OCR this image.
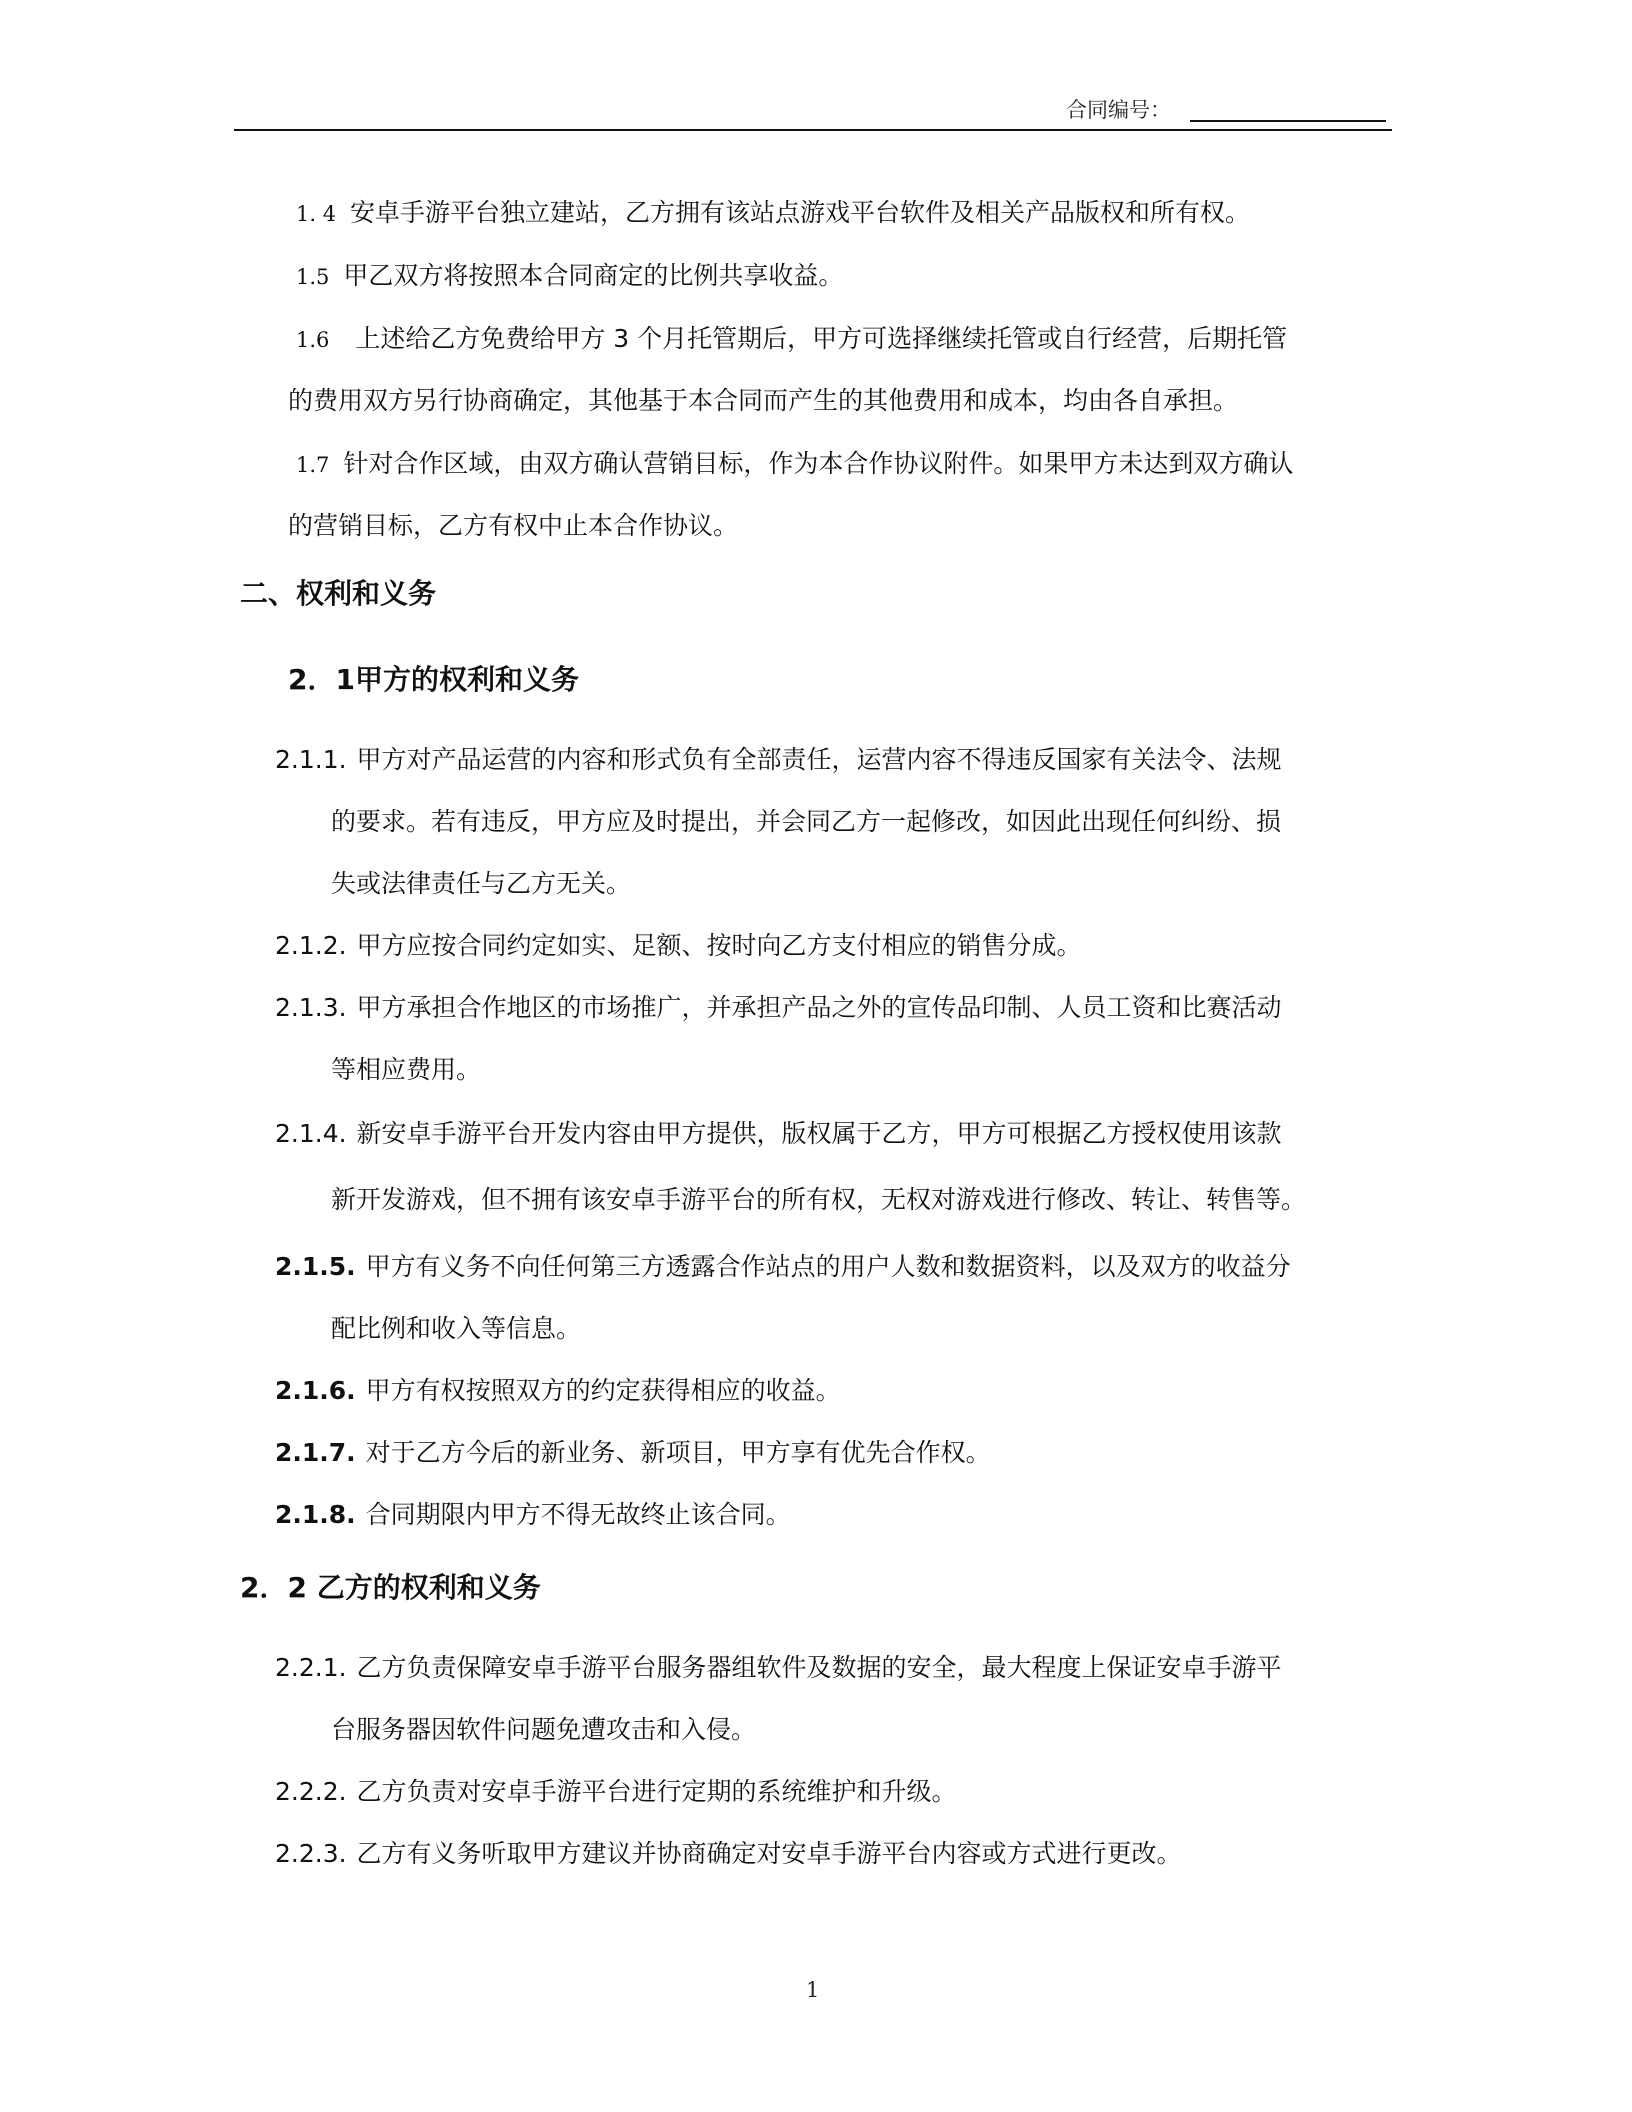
合同编号：
1. 4 安卓手游平台独立建站，乙方拥有该站点游戏平台软件及相关产品版权和所有权。
1.5 甲乙双方将按照本合同商定的比例共享收益。
1.6 上述给乙方免费给甲方 3 个月托管期后，甲方可选择继续托管或自行经营，后期托管
的费用双方另行协商确定，其他基于本合同而产生的其他费用和成本，均由各自承担。
1.7 针对合作区域，由双方确认营销目标，作为本合作协议附件。如果甲方未达到双方确认
的营销目标，乙方有权中止本合作协议。
二、权利和义务
2．1甲方的权利和义务
2.1.1. 甲方对产品运营的内容和形式负有全部责任，运营内容不得违反国家有关法令、法规
的要求。若有违反，甲方应及时提出，并会同乙方一起修改，如因此出现任何纠纷、损
失或法律责任与乙方无关。
2.1.2. 甲方应按合同约定如实、足额、按时向乙方支付相应的销售分成。
2.1.3. 甲方承担合作地区的市场推广，并承担产品之外的宣传品印制、人员工资和比赛活动
等相应费用。
2.1.4. 新安卓手游平台开发内容由甲方提供，版权属于乙方，甲方可根据乙方授权使用该款
新开发游戏，但不拥有该安卓手游平台的所有权，无权对游戏进行修改、转让、转售等。
2.1.5. 甲方有义务不向任何第三方透露合作站点的用户人数和数据资料，以及双方的收益分
配比例和收入等信息。
2.1.6. 甲方有权按照双方的约定获得相应的收益。
2.1.7. 对于乙方今后的新业务、新项目，甲方享有优先合作权。
2.1.8. 合同期限内甲方不得无故终止该合同。
2．2 乙方的权利和义务
2.2.1. 乙方负责保障安卓手游平台服务器组软件及数据的安全，最大程度上保证安卓手游平
台服务器因软件问题免遭攻击和入侵。
2.2.2. 乙方负责对安卓手游平台进行定期的系统维护和升级。
2.2.3. 乙方有义务听取甲方建议并协商确定对安卓手游平台内容或方式进行更改。
1
